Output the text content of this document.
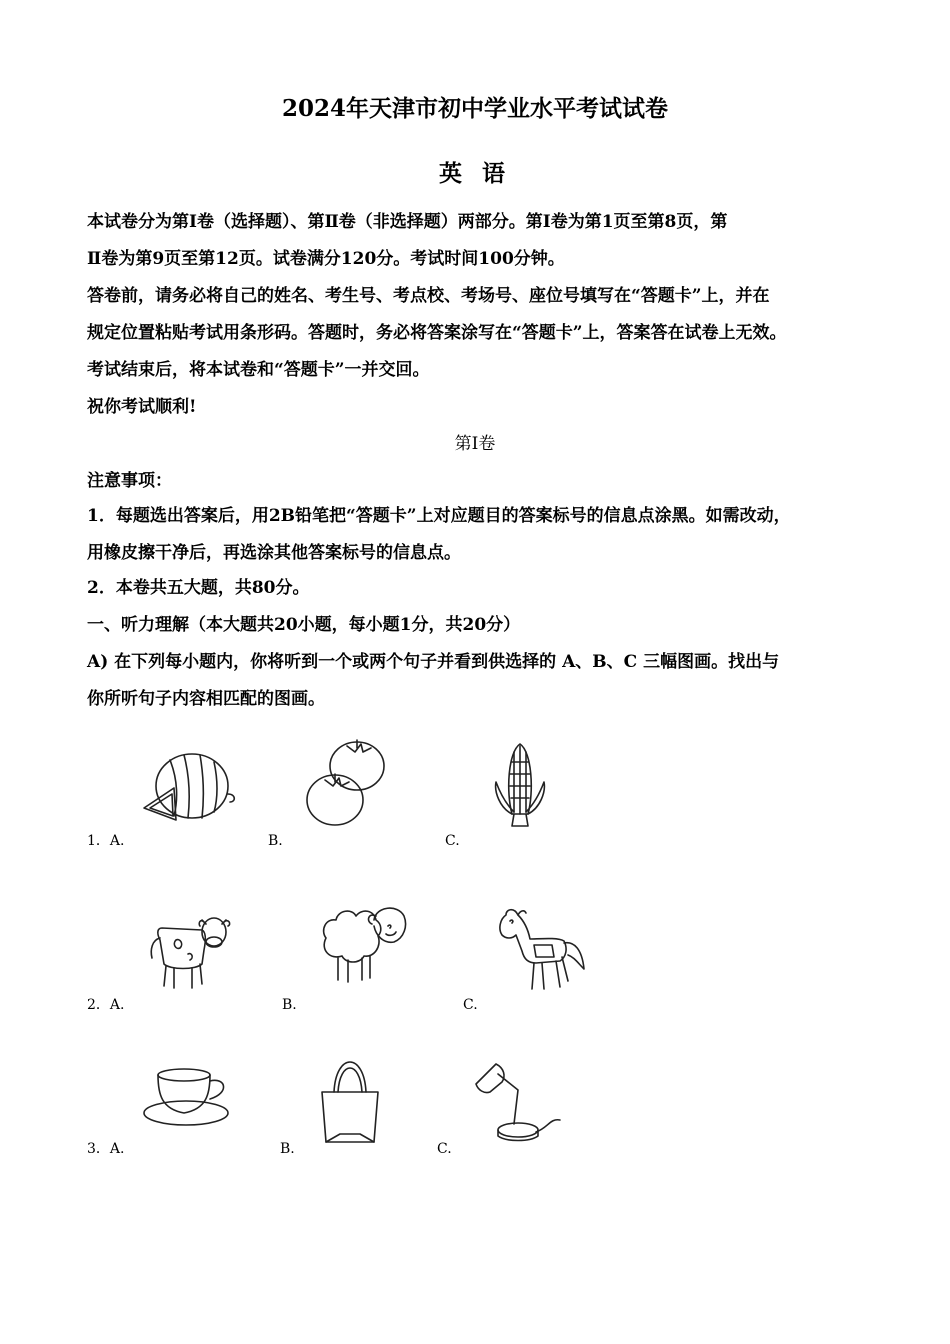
2024年天津市初中学业水平考试试卷
英 语
本试卷分为第Ⅰ卷（选择题）、第Ⅱ卷（非选择题）两部分。第Ⅰ卷为第1页至第8页，第
Ⅱ卷为第9页至第12页。试卷满分120分。考试时间100分钟。
答卷前，请务必将自己的姓名、考生号、考点校、考场号、座位号填写在“答题卡”上，并在
规定位置粘贴考试用条形码。答题时，务必将答案涂写在“答题卡”上，答案答在试卷上无效。
考试结束后，将本试卷和“答题卡”一并交回。
祝你考试顺利!
第Ⅰ卷
注意事项：
1．每题选出答案后，用2B铅笔把“答题卡”上对应题目的答案标号的信息点涂黑。如需改动，
用橡皮擦干净后，再选涂其他答案标号的信息点。
2．本卷共五大题，共80分。
一、听力理解（本大题共20小题，每小题1分，共20分）
A) 在下列每小题内，你将听到一个或两个句子并看到供选择的 A、B、C 三幅图画。找出与
你所听句子内容相匹配的图画。
1．A.	B.	C.
2．A.	B.	C.
3．A.	B.	C.
